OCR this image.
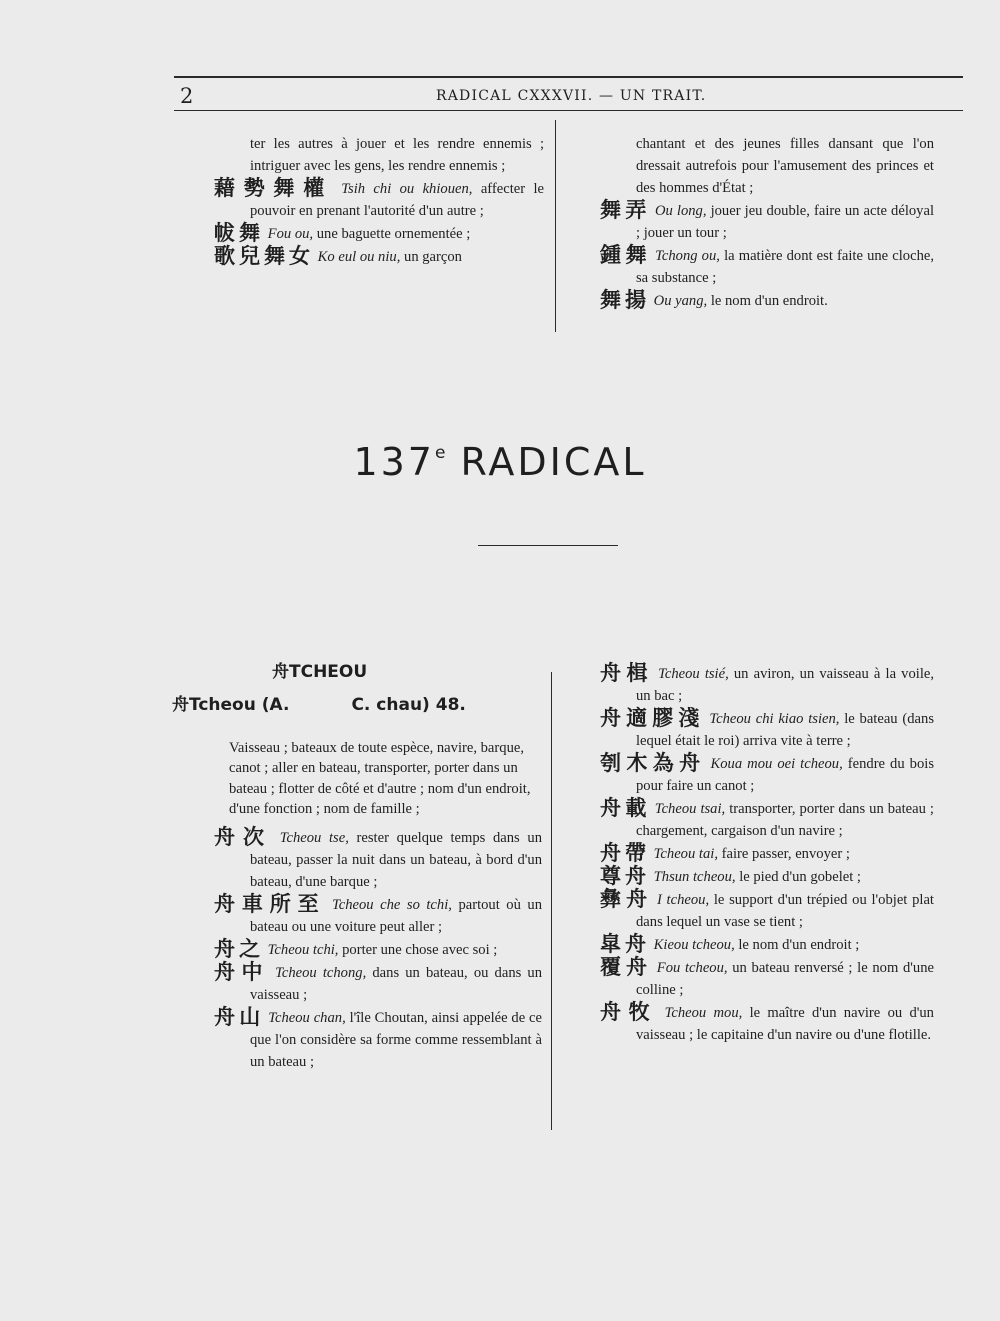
2	RADICAL CXXXVII. — UN TRAIT.

ter les autres à jouer et les rendre ennemis ; intriguer avec les gens, les rendre ennemis ;

藉勢舞權 Tsih chi ou khiouen, affecter le pouvoir en prenant l'autorité d'un autre ;

帗舞 Fou ou, une baguette ornementée ;

歌兒舞女 Ko eul ou niu, un garçon

chantant et des jeunes filles dansant que l'on dressait autrefois pour l'amusement des princes et des hommes d'État ;

舞弄 Ou long, jouer jeu double, faire un acte déloyal ; jouer un tour ;

鍾舞 Tchong ou, la matière dont est faite une cloche, sa substance ;

舞揚 Ou yang, le nom d'un endroit.

137e RADICAL
舟TCHEOU
舟Tcheou (A.	C. chau) 48.

Vaisseau ; bateaux de toute espèce, navire, barque, canot ; aller en bateau, transporter, porter dans un bateau ; flotter de côté et d'autre ; nom d'un endroit, d'une fonction ; nom de famille ;

舟次 Tcheou tse, rester quelque temps dans un bateau, passer la nuit dans un bateau, à bord d'un bateau, d'une barque ;

舟車所至 Tcheou che so tchi, partout où un bateau ou une voiture peut aller ;

舟之 Tcheou tchi, porter une chose avec soi ;

舟中 Tcheou tchong, dans un bateau, ou dans un vaisseau ;

舟山 Tcheou chan, l'île Choutan, ainsi appelée de ce que l'on considère sa forme comme ressemblant à un bateau ;

舟楫 Tcheou tsié, un aviron, un vaisseau à la voile, un bac ;

舟適膠淺 Tcheou chi kiao tsien, le bateau (dans lequel était le roi) arriva vite à terre ;

刳木為舟 Koua mou oei tcheou, fendre du bois pour faire un canot ;

舟載 Tcheou tsai, transporter, porter dans un bateau ; chargement, cargaison d'un navire ;

舟帶 Tcheou tai, faire passer, envoyer ;

尊舟 Thsun tcheou, le pied d'un gobelet ;

彝舟 I tcheou, le support d'un trépied ou l'objet plat dans lequel un vase se tient ;

皐舟 Kieou tcheou, le nom d'un endroit ;

覆舟 Fou tcheou, un bateau renversé ; le nom d'une colline ;

舟牧 Tcheou mou, le maître d'un navire ou d'un vaisseau ; le capitaine d'un navire ou d'une flotille.
